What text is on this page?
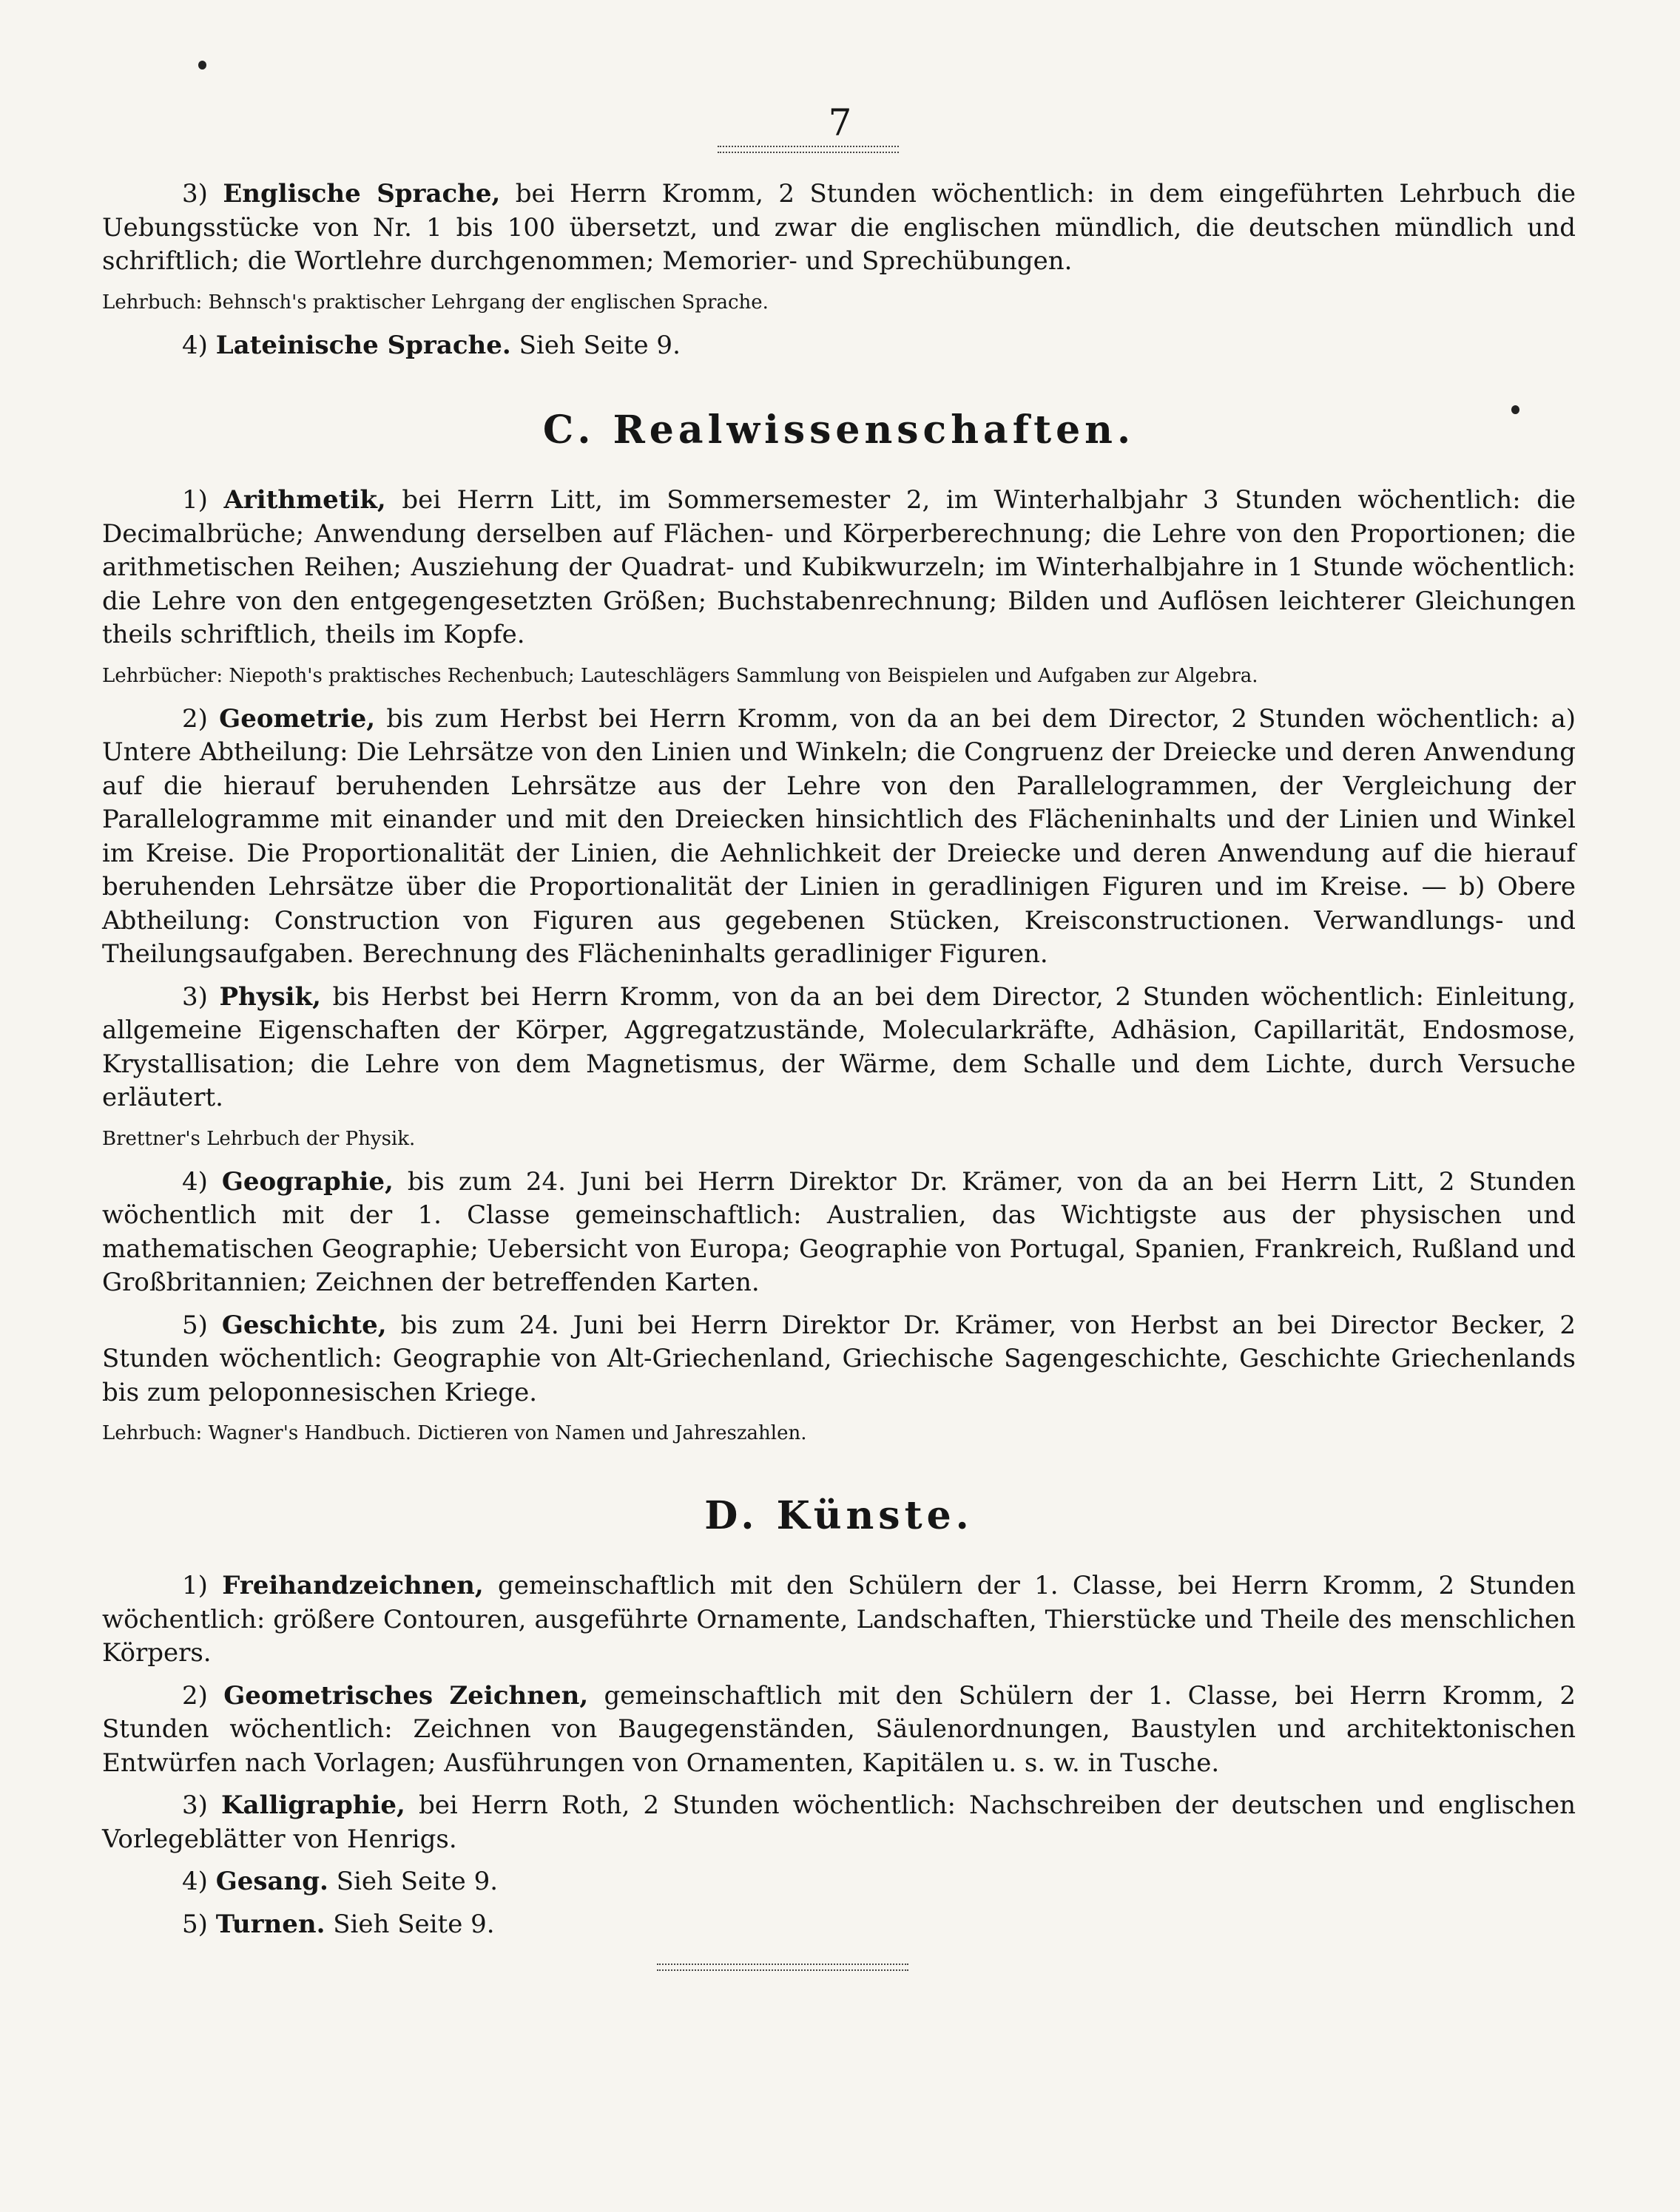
7

3) Englische Sprache, bei Herrn Kromm, 2 Stunden wöchentlich: in dem eingeführten Lehrbuch die Uebungsstücke von Nr. 1 bis 100 übersetzt, und zwar die englischen mündlich, die deutschen mündlich und schriftlich; die Wortlehre durchgenommen; Memorier- und Sprechübungen.

Lehrbuch: Behnsch's praktischer Lehrgang der englischen Sprache.

4) Lateinische Sprache. Sieh Seite 9.

C. Realwissenschaften.

1) Arithmetik, bei Herrn Litt, im Sommersemester 2, im Winterhalbjahr 3 Stunden wöchentlich: die Decimalbrüche; Anwendung derselben auf Flächen- und Körperberechnung; die Lehre von den Proportionen; die arithmetischen Reihen; Ausziehung der Quadrat- und Kubikwurzeln; im Winterhalbjahre in 1 Stunde wöchentlich: die Lehre von den entgegengesetzten Größen; Buchstabenrechnung; Bilden und Auflösen leichterer Gleichungen theils schriftlich, theils im Kopfe.

Lehrbücher: Niepoth's praktisches Rechenbuch; Lauteschlägers Sammlung von Beispielen und Aufgaben zur Algebra.

2) Geometrie, bis zum Herbst bei Herrn Kromm, von da an bei dem Director, 2 Stunden wöchentlich: a) Untere Abtheilung: Die Lehrsätze von den Linien und Winkeln; die Congruenz der Dreiecke und deren Anwendung auf die hierauf beruhenden Lehrsätze aus der Lehre von den Parallelogrammen, der Vergleichung der Parallelogramme mit einander und mit den Dreiecken hinsichtlich des Flächeninhalts und der Linien und Winkel im Kreise. Die Proportionalität der Linien, die Aehnlichkeit der Dreiecke und deren Anwendung auf die hierauf beruhenden Lehrsätze über die Proportionalität der Linien in geradlinigen Figuren und im Kreise. — b) Obere Abtheilung: Construction von Figuren aus gegebenen Stücken, Kreisconstructionen. Verwandlungs- und Theilungsaufgaben. Berechnung des Flächeninhalts geradliniger Figuren.

3) Physik, bis Herbst bei Herrn Kromm, von da an bei dem Director, 2 Stunden wöchentlich: Einleitung, allgemeine Eigenschaften der Körper, Aggregatzustände, Molecularkräfte, Adhäsion, Capillarität, Endosmose, Krystallisation; die Lehre von dem Magnetismus, der Wärme, dem Schalle und dem Lichte, durch Versuche erläutert.

Brettner's Lehrbuch der Physik.

4) Geographie, bis zum 24. Juni bei Herrn Direktor Dr. Krämer, von da an bei Herrn Litt, 2 Stunden wöchentlich mit der 1. Classe gemeinschaftlich: Australien, das Wichtigste aus der physischen und mathematischen Geographie; Uebersicht von Europa; Geographie von Portugal, Spanien, Frankreich, Rußland und Großbritannien; Zeichnen der betreffenden Karten.

5) Geschichte, bis zum 24. Juni bei Herrn Direktor Dr. Krämer, von Herbst an bei Director Becker, 2 Stunden wöchentlich: Geographie von Alt-Griechenland, Griechische Sagengeschichte, Geschichte Griechenlands bis zum peloponnesischen Kriege.

Lehrbuch: Wagner's Handbuch. Dictieren von Namen und Jahreszahlen.
D. Künste.

1) Freihandzeichnen, gemeinschaftlich mit den Schülern der 1. Classe, bei Herrn Kromm, 2 Stunden wöchentlich: größere Contouren, ausgeführte Ornamente, Landschaften, Thierstücke und Theile des menschlichen Körpers.

2) Geometrisches Zeichnen, gemeinschaftlich mit den Schülern der 1. Classe, bei Herrn Kromm, 2 Stunden wöchentlich: Zeichnen von Baugegenständen, Säulenordnungen, Baustylen und architektonischen Entwürfen nach Vorlagen; Ausführungen von Ornamenten, Kapitälen u. s. w. in Tusche.

3) Kalligraphie, bei Herrn Roth, 2 Stunden wöchentlich: Nachschreiben der deutschen und englischen Vorlegeblätter von Henrigs.

4) Gesang. Sieh Seite 9.

5) Turnen. Sieh Seite 9.
